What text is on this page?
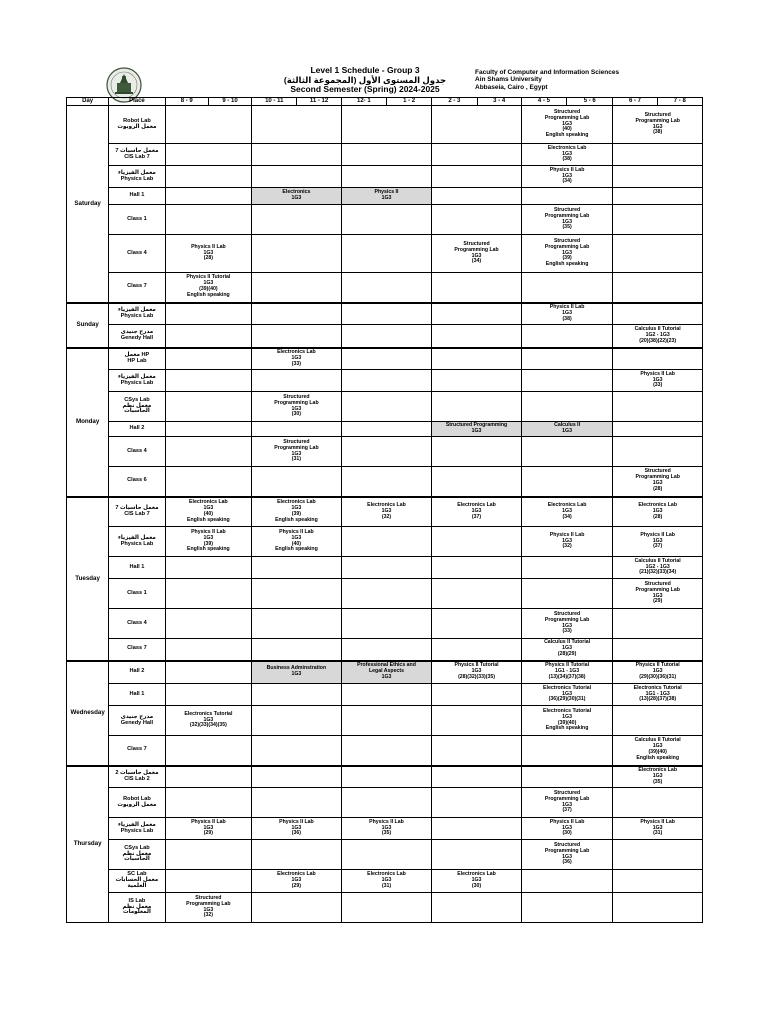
Level 1 Schedule - Group 3
جدول المستوى الأول (المجموعة الثالثة)
Second Semester (Spring) 2024-2025
Faculty of Computer and Information Sciences
Ain Shams University
Abbaseia, Cairo , Egypt
Day	Place	8 - 9	9 - 10	10 - 11	11 - 12	12- 1	1 - 2	2 - 3	3 - 4	4 - 5	5 - 6	6 - 7	7 - 8
Saturday	Robot Lab
معمل الروبوت									Structured
Programming Lab
1G3
(40)
English speaking		Structured
Programming Lab
1G3
(38)	

	معمل حاسبات 7
CIS Lab 7									Electronics Lab
1G3
(38)			

	معمل الفيزياء
Physics Lab									Physics II Lab
1G3
(34)			

	Hall 1			Electronics
1G3		Physics II
1G3							

	Class 1									Structured
Programming Lab
1G3
(35)			

	Class 4	Physics II Lab
1G3
(28)						Structured
Programming Lab
1G3
(34)		Structured
Programming Lab
1G3
(39)
English speaking			

	Class 7	Physics II Tutorial
1G3
(39)(40)
English speaking											

Sunday	معمل الفيزياء
Physics Lab									Physics II Lab
1G3
(38)			

	مدرج جنيدى
Genedy Hall											Calculus II Tutorial
1G2 - 1G3
(20)(38)(22)(23)	

Monday	معمل HP
HP Lab			Electronics Lab
1G3
(33)									

	معمل الفيزياء
Physics Lab											Physics II Lab
1G3
(33)	

	CSys Lab
معمل نظم الحاسبات			Structured
Programming Lab
1G3
(30)									

	Hall 2							Structured Programming
1G3		Calculus II
1G3			

	Class 4			Structured
Programming Lab
1G3
(31)									

	Class 6											Structured
Programming Lab
1G3
(28)	

Tuesday	معمل حاسبات 7
CIS Lab 7	Electronics Lab
1G3
(40)
English speaking		Electronics Lab
1G3
(39)
English speaking		Electronics Lab
1G3
(32)		Electronics Lab
1G3
(37)		Electronics Lab
1G3
(34)		Electronics Lab
1G3
(28)	

	معمل الفيزياء
Physics Lab	Physics II Lab
1G3
(39)
English speaking		Physics II Lab
1G3
(40)
English speaking						Physics II Lab
1G3
(32)		Physics II Lab
1G3
(37)	

	Hall 1											Calculus II Tutorial
1G2 - 1G3
(21)(32)(33)(34)	

	Class 1											Structured
Programming Lab
1G3
(29)	

	Class 4									Structured
Programming Lab
1G3
(33)			

	Class 7									Calculus II Tutorial
1G3
(28)(29)			

Wednesday	Hall 2			Business Adminstration
1G3		Professional Ethics and
Legal Aspects
1G3		Physics II Tutorial
1G3
(28)(32)(33)(35)		Physics II Tutorial
1G1 - 1G3
(13)(34)(37)(38)		Physics II Tutorial
1G3
(29)(30)(36)(31)	

	Hall 1									Electronics Tutorial
1G3
(36)(29)(30)(31)		Electronics Tutorial
1G1 - 1G3
(13)(28)(37)(38)	

	مدرج جنيدى
Genedy Hall	Electronics Tutorial
1G3
(32)(33)(34)(35)								Electronics Tutorial
1G3
(39)(40)
English speaking			

	Class 7											Calculus II Tutorial
1G3
(39)(40)
English speaking	

Thursday	معمل حاسبات 2
CIS Lab 2											Electronics Lab
1G3
(35)	

	Robot Lab
معمل الروبوت									Structured
Programming Lab
1G3
(37)			

	معمل الفيزياء
Physics Lab	Physics II Lab
1G3
(29)		Physics II Lab
1G3
(36)		Physics II Lab
1G3
(35)				Physics II Lab
1G3
(30)		Physics II Lab
1G3
(31)	

	CSys Lab
معمل نظم الحاسبات									Structured
Programming Lab
1G3
(36)			

	SC Lab
معمل الحسابات
العلمية			Electronics Lab
1G3
(29)		Electronics Lab
1G3
(31)		Electronics Lab
1G3
(30)					

	IS Lab
معمل نظم المعلومات	Structured
Programming Lab
1G3
(32)											
